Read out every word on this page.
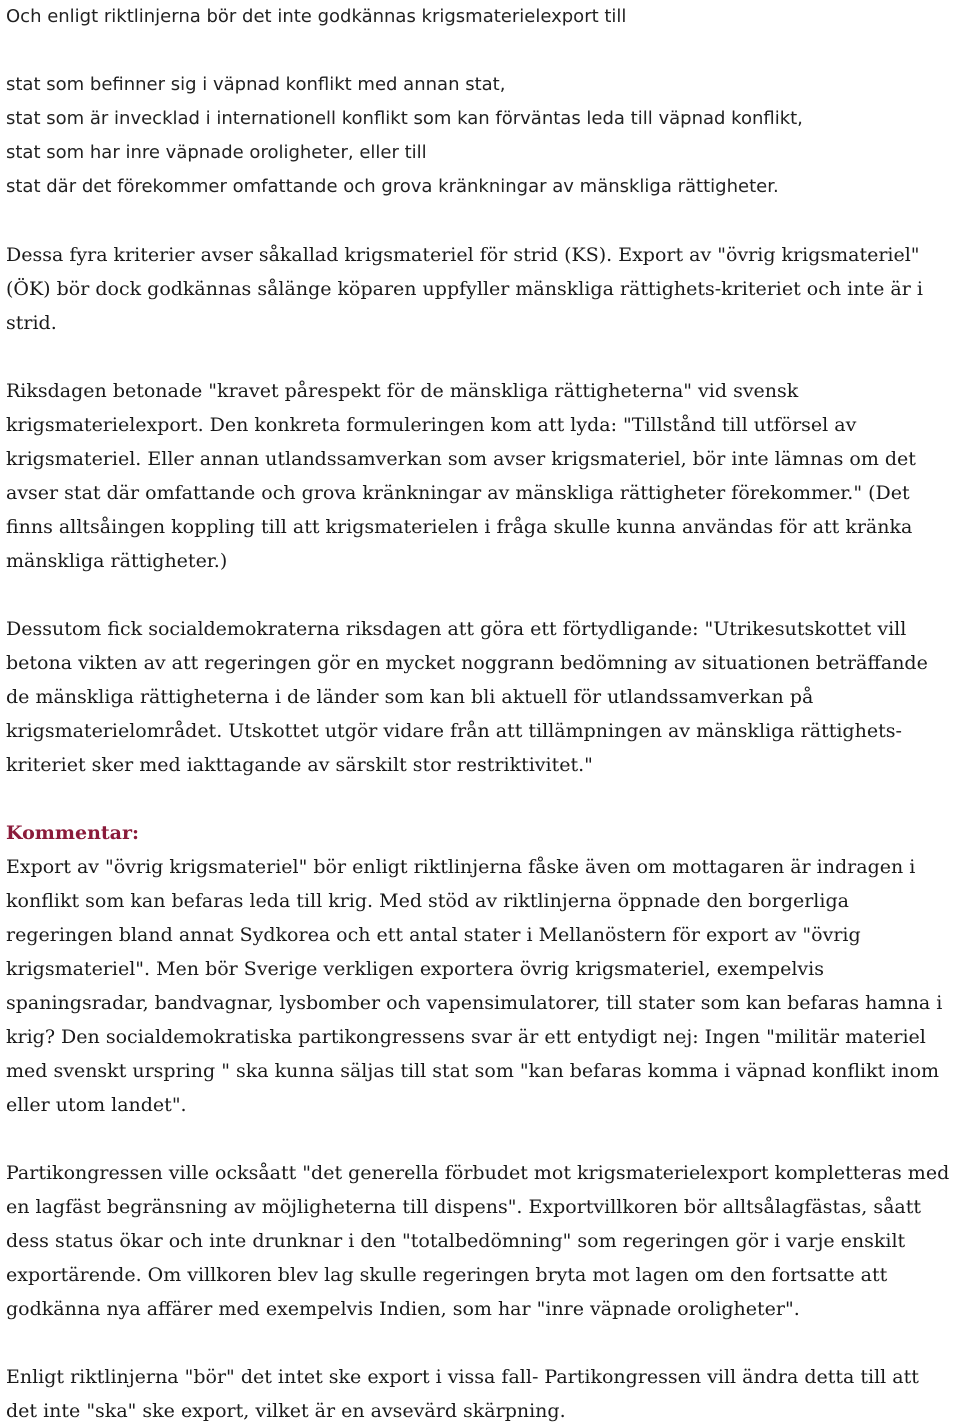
Och enligt riktlinjerna bör det inte godkännas krigsmaterielexport till

stat som befinner sig i väpnad konflikt med annan stat,
stat som är invecklad i internationell konflikt som kan förväntas leda till väpnad konflikt,
stat som har inre väpnade oroligheter, eller till
stat där det förekommer omfattande och grova kränkningar av mänskliga rättigheter.

Dessa fyra kriterier avser såkallad krigsmateriel för strid (KS). Export av "övrig krigsmateriel" (ÖK) bör dock godkännas sålänge köparen uppfyller mänskliga rättighets-kriteriet och inte är i strid.

Riksdagen betonade "kravet pårespekt för de mänskliga rättigheterna" vid svensk krigsmaterielexport. Den konkreta formuleringen kom att lyda: "Tillstånd till utförsel av krigsmateriel. Eller annan utlandssamverkan som avser krigsmateriel, bör inte lämnas om det avser stat där omfattande och grova kränkningar av mänskliga rättigheter förekommer." (Det finns alltsåingen koppling till att krigsmaterielen i fråga skulle kunna användas för att kränka mänskliga rättigheter.)

Dessutom fick socialdemokraterna riksdagen att göra ett förtydligande: "Utrikesutskottet vill betona vikten av att regeringen gör en mycket noggrann bedömning av situationen beträffande de mänskliga rättigheterna i de länder som kan bli aktuell för utlandssamverkan på krigsmaterielområdet. Utskottet utgör vidare från att tillämpningen av mänskliga rättighets-kriteriet sker med iakttagande av särskilt stor restriktivitet."

Kommentar:

Export av "övrig krigsmateriel" bör enligt riktlinjerna fåske även om mottagaren är indragen i konflikt som kan befaras leda till krig. Med stöd av riktlinjerna öppnade den borgerliga regeringen bland annat Sydkorea och ett antal stater i Mellanöstern för export av "övrig krigsmateriel". Men bör Sverige verkligen exportera övrig krigsmateriel, exempelvis spaningsradar, bandvagnar, lysbomber och vapensimulatorer, till stater som kan befaras hamna i krig? Den socialdemokratiska partikongressens svar är ett entydigt nej: Ingen "militär materiel med svenskt urspring " ska kunna säljas till stat som "kan befaras komma i väpnad konflikt inom eller utom landet".

Partikongressen ville ocksåatt "det generella förbudet mot krigsmaterielexport kompletteras med en lagfäst begränsning av möjligheterna till dispens". Exportvillkoren bör alltsålagfästas, såatt dess status ökar och inte drunknar i den "totalbedömning" som regeringen gör i varje enskilt exportärende. Om villkoren blev lag skulle regeringen bryta mot lagen om den fortsatte att godkänna nya affärer med exempelvis Indien, som har "inre väpnade oroligheter".

Enligt riktlinjerna "bör" det intet ske export i vissa fall- Partikongressen vill ändra detta till att det inte "ska" ske export, vilket är en avsevärd skärpning.
